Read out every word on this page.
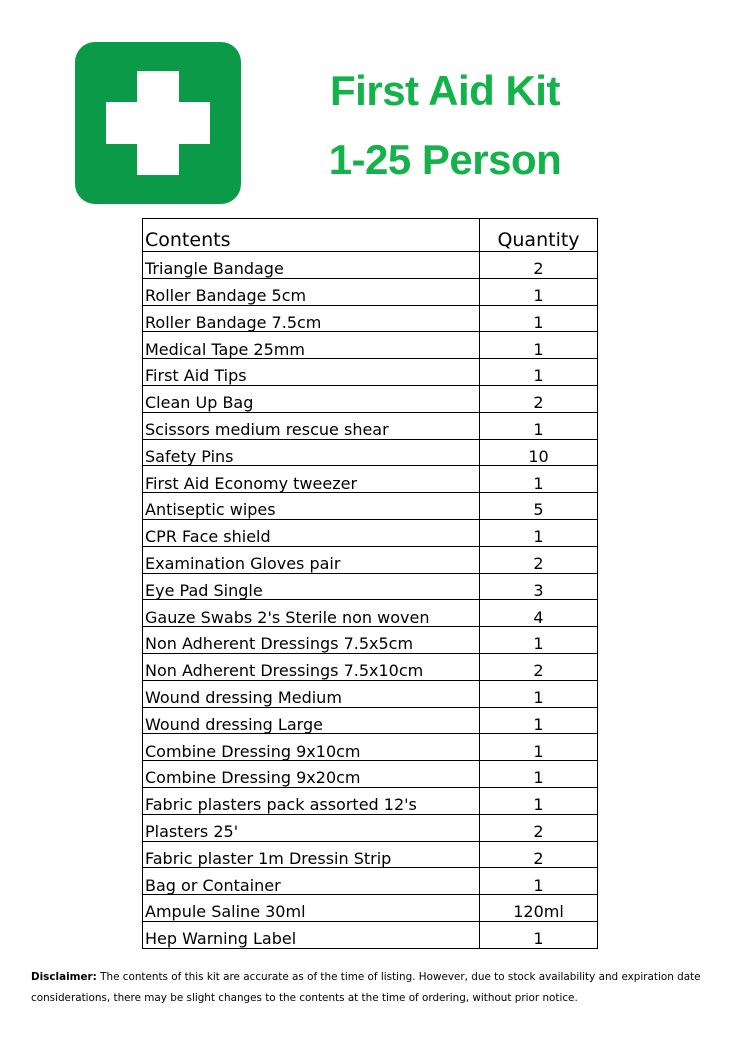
First Aid Kit
1-25 Person
Contents	Quantity
Triangle Bandage	2
Roller Bandage 5cm	1
Roller Bandage 7.5cm	1
Medical Tape 25mm	1
First Aid Tips	1
Clean Up Bag	2
Scissors medium rescue shear	1
Safety Pins	10
First Aid Economy tweezer	1
Antiseptic wipes	5
CPR Face shield	1
Examination Gloves pair	2
Eye Pad Single	3
Gauze Swabs 2's Sterile non woven	4
Non Adherent Dressings 7.5x5cm	1
Non Adherent Dressings 7.5x10cm	2
Wound dressing Medium	1
Wound dressing Large	1
Combine Dressing 9x10cm	1
Combine Dressing 9x20cm	1
Fabric plasters pack assorted 12's	1
Plasters 25'	2
Fabric plaster 1m Dressin Strip	2
Bag or Container	1
Ampule Saline 30ml	120ml
Hep Warning Label	1

Disclaimer: The contents of this kit are accurate as of the time of listing. However, due to stock availability and expiration date considerations, there may be slight changes to the contents at the time of ordering, without prior notice.
